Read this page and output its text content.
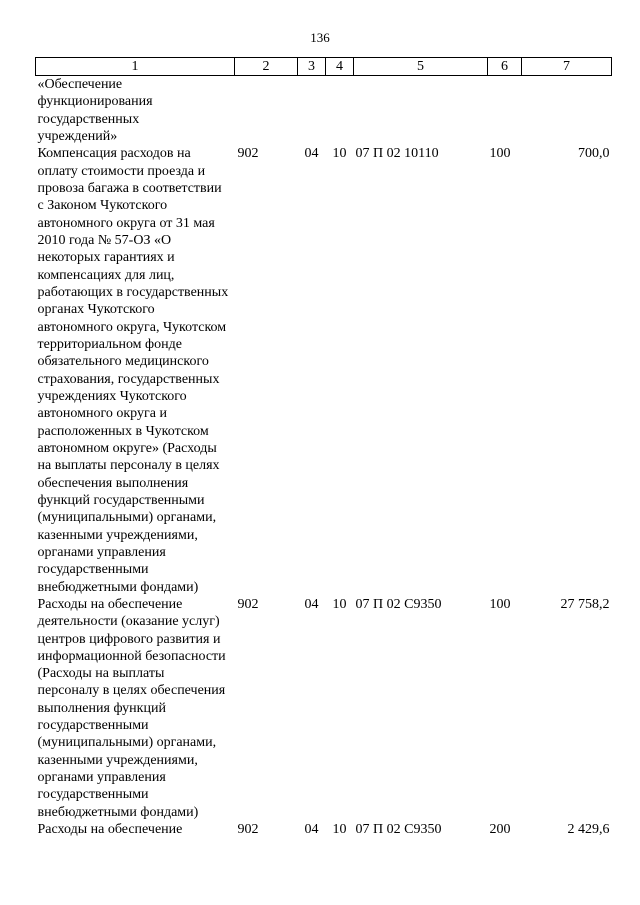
136
1	2	3	4	5	6	7
«Обеспечение
функционирования
государственных
учреждений»						
Компенсация расходов на оплату стоимости проезда и провоза багажа в соответствии с Законом Чукотского автономного округа от 31 мая 2010 года № 57-ОЗ «О некоторых гарантиях и компенсациях для лиц, работающих в государственных органах Чукотского автономного округа, Чукотском территориальном фонде обязательного медицинского страхования, государственных учреждениях Чукотского автономного округа и расположенных в Чукотском автономном округе» (Расходы на выплаты персоналу в целях обеспечения выполнения функций государственными (муниципальными) органами, казенными учреждениями, органами управления государственными внебюджетными фондами)	902	04	10	07 П 02 10110	100	700,0
Расходы на обеспечение деятельности (оказание услуг) центров цифрового развития и информационной безопасности (Расходы на выплаты персоналу в целях обеспечения выполнения функций государственными (муниципальными) органами, казенными учреждениями, органами управления государственными внебюджетными фондами)	902	04	10	07 П 02 С9350	100	27 758,2
Расходы на обеспечение	902	04	10	07 П 02 С9350	200	2 429,6
